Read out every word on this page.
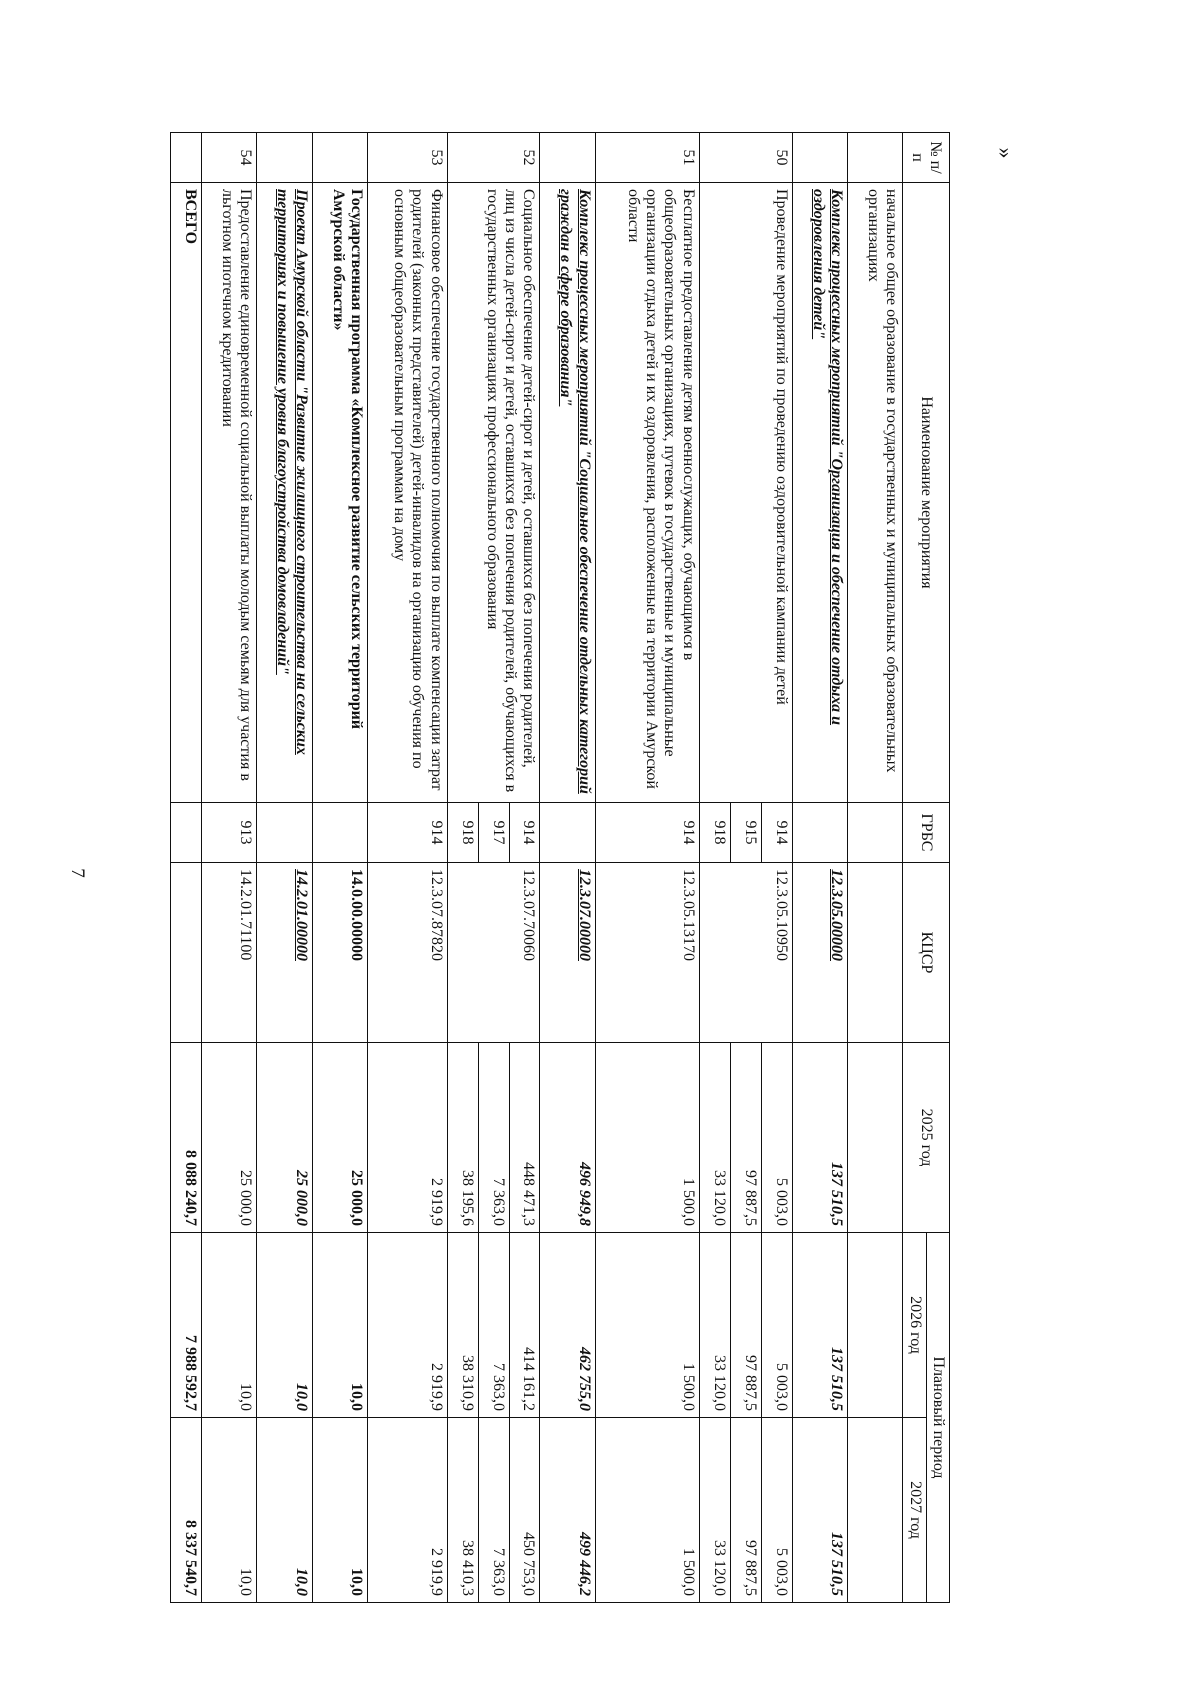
7
»
№ п/п	Наименование мероприятия	ГРБС	КЦСР	2025 год	Плановый период	
					2026 год	2027 год
	начальное общее образование в государственных и муниципальных образовательных организациях					
	Комплекс процессных мероприятий "Организация и обеспечение отдыха и оздоровления детей"		12.3.05.00000	137 510,5	137 510,5	137 510,5
50	Проведение мероприятий по проведению оздоровительной кампании детей	914	12.3.05.10950	5 003,0	5 003,0	5 003,0
		915		97 887,5	97 887,5	97 887,5
		918		33 120,0	33 120,0	33 120,0
51	Бесплатное предоставление детям военнослужащих, обучающимся в общеобразовательных организациях, путевок в государственные и муниципальные организации отдыха детей и их оздоровления, расположенные на территории Амурской области	914	12.3.05.13170	1 500,0	1 500,0	1 500,0
	Комплекс процессных мероприятий "Социальное обеспечение отдельных категорий граждан в сфере образования"		12.3.07.00000	496 949,8	462 755,0	499 446,2
52	Социальное обеспечение детей-сирот и детей, оставшихся без попечения родителей, лиц из числа детей-сирот и детей, оставшихся без попечения родителей, обучающихся в государственных организациях профессионального образования	914	12.3.07.70060	448 471,3	414 161,2	450 753,0
		917		7 363,0	7 363,0	7 363,0
		918		38 195,6	38 310,9	38 410,3
53	Финансовое обеспечение государственного полномочия по выплате компенсации затрат родителей (законных представителей) детей-инвалидов на организацию обучения по основным общеобразовательным программам на дому	914	12.3.07.87820	2 919,9	2 919,9	2 919,9
	Государственная программа «Комплексное развитие сельских территорий Амурской области»		14.0.00.00000	25 000,0	10,0	10,0
	Проект Амурской области "Развитие жилищного строительства на сельских территориях и повышение уровня благоустройства домовладений"		14.2.01.00000	25 000,0	10,0	10,0
54	Предоставление единовременной социальной выплаты молодым семьям для участия в льготном ипотечном кредитовании	913	14.2.01.71100	25 000,0	10,0	10,0
	ВСЕГО			8 088 240,7	7 988 592,7	8 337 540,7
